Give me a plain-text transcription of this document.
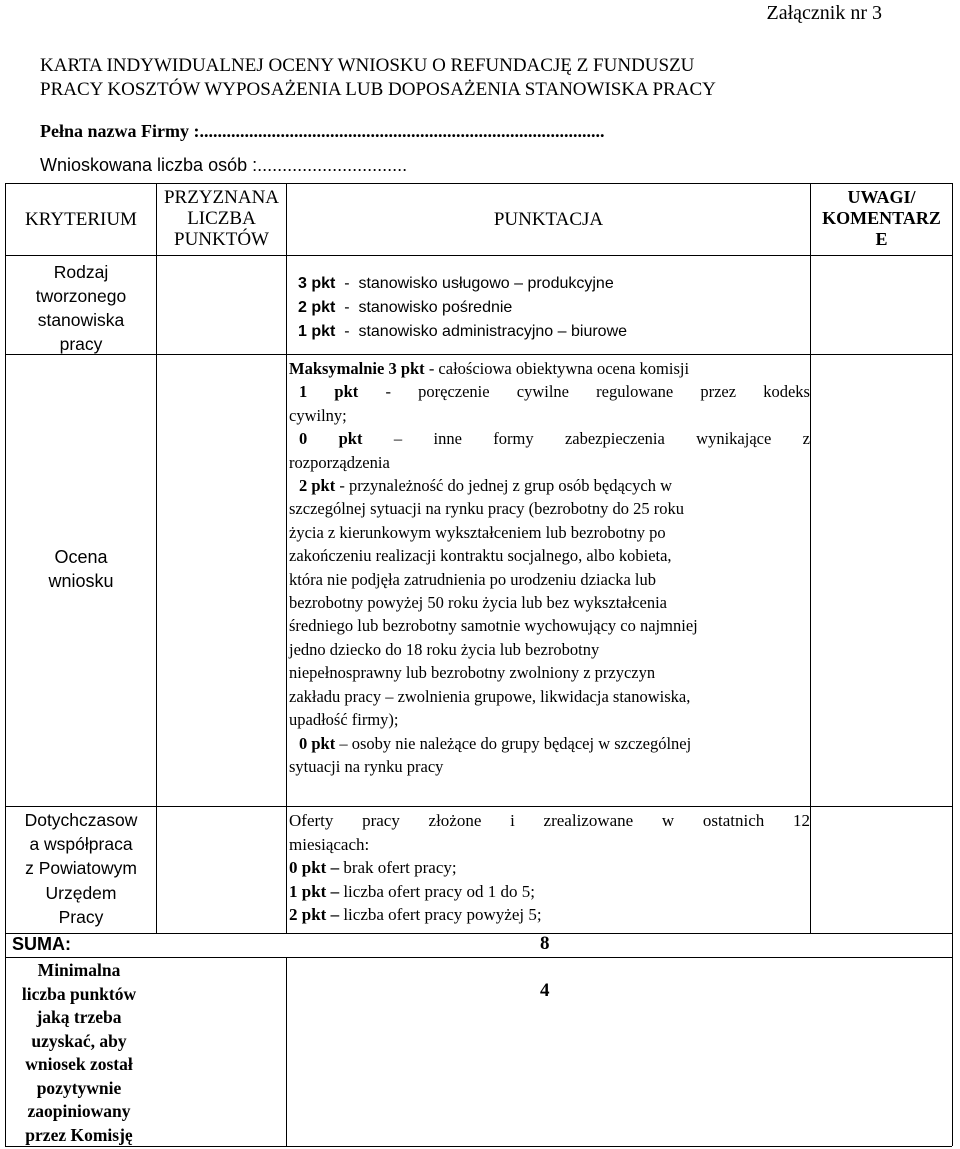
Załącznik nr 3
KARTA INDYWIDUALNEJ OCENY WNIOSKU O REFUNDACJĘ Z FUNDUSZU
PRACY KOSZTÓW WYPOSAŻENIA LUB DOPOSAŻENIA STANOWISKA PRACY
Pełna nazwa Firmy :..........................................................................................
Wnioskowana liczba osób :..............................
KRYTERIUM
PRZYZNANA
LICZBA
PUNKTÓW
PUNKTACJA
UWAGI/
KOMENTARZ
E
Rodzaj
tworzonego
stanowiska
pracy
3 pkt  -  stanowisko usługowo – produkcyjne
2 pkt  -  stanowisko pośrednie
1 pkt  -  stanowisko administracyjno – biurowe
Ocena
wniosku

Maksymalnie 3 pkt - całościowa obiektywna ocena komisji

1 pkt - poręczenie cywilne regulowane przez kodeks

cywilny;

0 pkt – inne formy zabezpieczenia wynikające z

rozporządzenia

2 pkt - przynależność do jednej z grup osób będących w

szczególnej sytuacji na rynku pracy (bezrobotny do 25 roku

życia z kierunkowym wykształceniem lub bezrobotny po

zakończeniu realizacji kontraktu socjalnego, albo kobieta,

która nie podjęła zatrudnienia po urodzeniu dziacka lub

bezrobotny powyżej 50 roku życia lub bez wykształcenia

średniego lub bezrobotny samotnie wychowujący co najmniej

jedno dziecko do 18 roku życia lub bezrobotny

niepełnosprawny lub bezrobotny zwolniony z przyczyn

zakładu pracy – zwolnienia grupowe, likwidacja stanowiska,

upadłość firmy);

0 pkt – osoby nie należące do grupy będącej w szczególnej

sytuacji na rynku pracy

Dotychczasow
a współpraca
z Powiatowym
Urzędem
Pracy

Oferty pracy złożone i zrealizowane w ostatnich 12

miesiącach:

0 pkt – brak ofert pracy;

1 pkt – liczba ofert pracy od 1 do 5;

2 pkt – liczba ofert pracy powyżej 5;

SUMA:	8
Minimalna
liczba punktów
jaką trzeba
uzyskać, aby
wniosek został
pozytywnie
zaopiniowany
przez Komisję
4
